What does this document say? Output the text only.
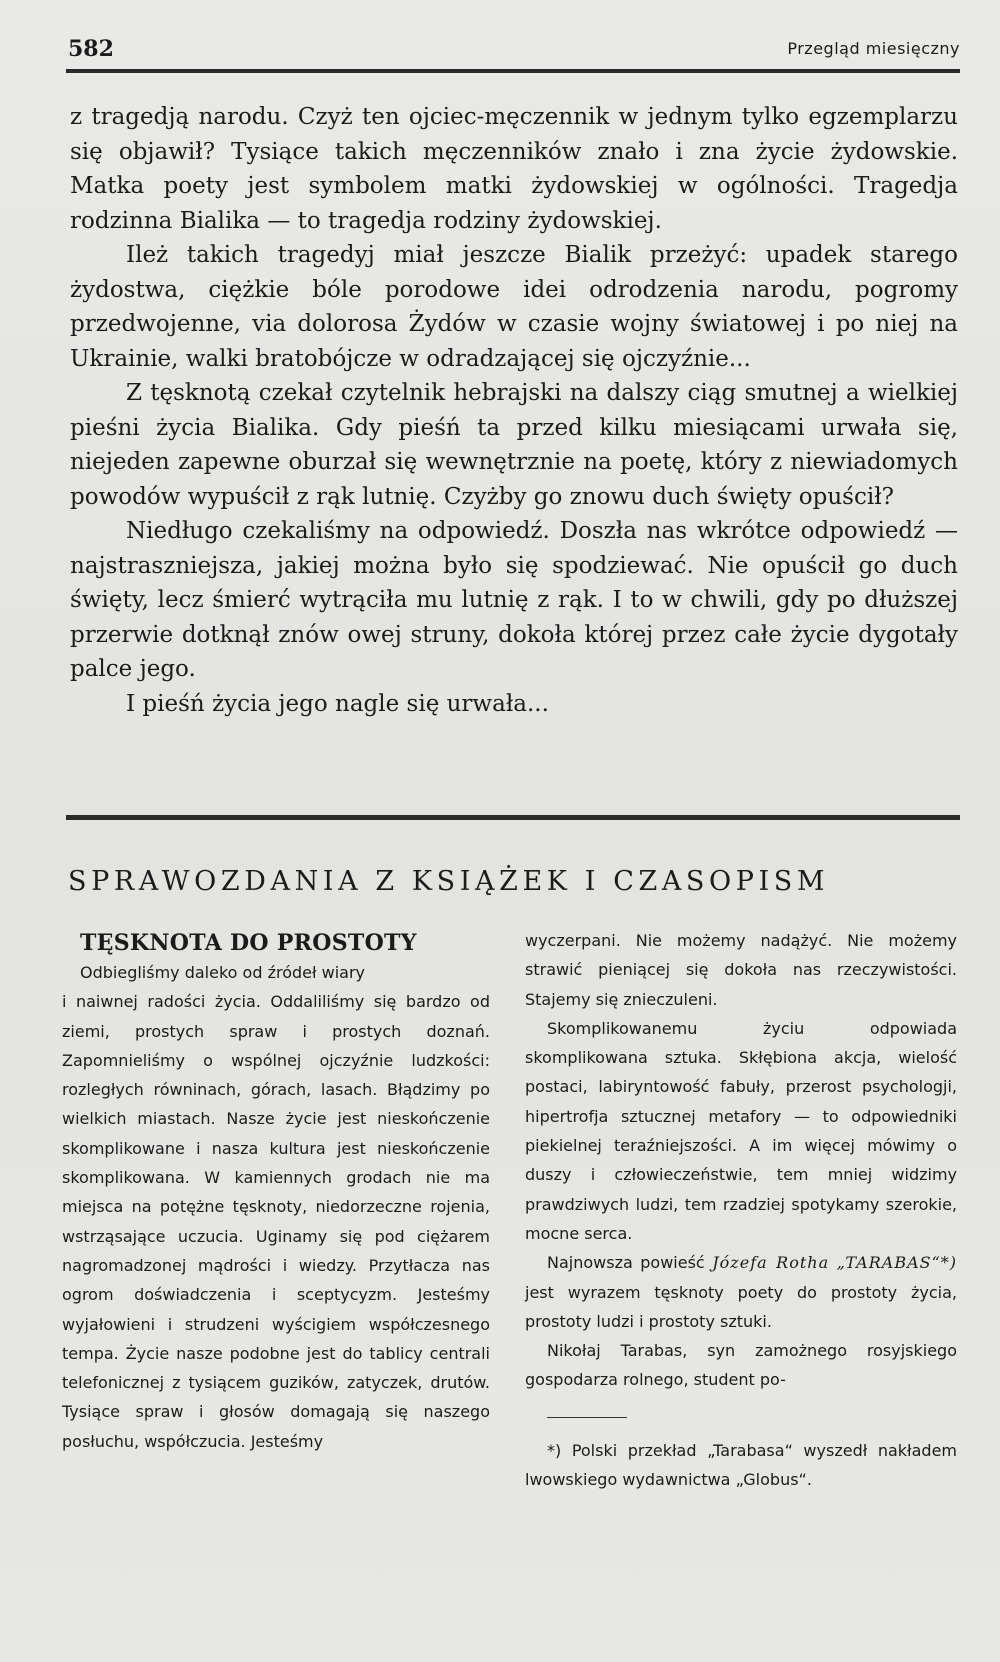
582	Przegląd miesięczny

z tragedją narodu. Czyż ten ojciec-męczennik w jednym tylko egzemplarzu się objawił? Tysiące takich męczenników znało i zna życie żydowskie. Matka poety jest symbolem matki żydowskiej w ogólności. Tragedja rodzinna Bialika — to tragedja rodziny żydowskiej.

Ileż takich tragedyj miał jeszcze Bialik przeżyć: upadek starego żydostwa, ciężkie bóle porodowe idei odrodzenia narodu, pogromy przedwojenne, via dolorosa Żydów w czasie wojny światowej i po niej na Ukrainie, walki bratobójcze w odradzającej się ojczyźnie...

Z tęsknotą czekał czytelnik hebrajski na dalszy ciąg smutnej a wielkiej pieśni życia Bialika. Gdy pieśń ta przed kilku miesiącami urwała się, niejeden zapewne oburzał się wewnętrznie na poetę, który z niewiadomych powodów wypuścił z rąk lutnię. Czyżby go znowu duch święty opuścił?

Niedługo czekaliśmy na odpowiedź. Doszła nas wkrótce odpowiedź — najstraszniejsza, jakiej można było się spodziewać. Nie opuścił go duch święty, lecz śmierć wytrąciła mu lutnię z rąk. I to w chwili, gdy po dłuższej przerwie dotknął znów owej struny, dokoła której przez całe życie dygotały palce jego.

I pieśń życia jego nagle się urwała...

SPRAWOZDANIA Z KSIĄŻEK I CZASOPISM
TĘSKNOTA DO PROSTOTY

Odbiegliśmy daleko od źródeł wiary

i naiwnej radości życia. Oddaliliśmy się bardzo od ziemi, prostych spraw i prostych doznań. Zapomnieliśmy o wspólnej ojczyźnie ludzkości: rozległych równinach, górach, lasach. Błądzimy po wielkich miastach. Nasze życie jest nieskończenie skomplikowane i nasza kultura jest nieskończenie skomplikowana. W kamiennych grodach nie ma miejsca na potężne tęsknoty, niedorzeczne rojenia, wstrząsające uczucia. Uginamy się pod ciężarem nagromadzonej mądrości i wiedzy. Przytłacza nas ogrom doświadczenia i sceptycyzm. Jesteśmy wyjałowieni i strudzeni wyścigiem współczesnego tempa. Życie nasze podobne jest do tablicy centrali telefonicznej z tysiącem guzików, zatyczek, drutów. Tysiące spraw i głosów domagają się naszego posłuchu, współczucia. Jesteśmy

wyczerpani. Nie możemy nadążyć. Nie możemy strawić pieniącej się dokoła nas rzeczywistości. Stajemy się znieczuleni.

Skomplikowanemu życiu odpowiada skomplikowana sztuka. Skłębiona akcja, wielość postaci, labiryntowość fabuły, przerost psychologji, hipertrofja sztucznej metafory — to odpowiedniki piekielnej teraźniejszości. A im więcej mówimy o duszy i człowieczeństwie, tem mniej widzimy prawdziwych ludzi, tem rzadziej spotykamy szerokie, mocne serca.

Najnowsza powieść Józefa Rotha „TARABAS“*) jest wyrazem tęsknoty poety do prostoty życia, prostoty ludzi i prostoty sztuki.

Nikołaj Tarabas, syn zamożnego rosyjskiego gospodarza rolnego, student po-

*) Polski przekład „Tarabasa“ wyszedł nakładem lwowskiego wydawnictwa „Globus“.
